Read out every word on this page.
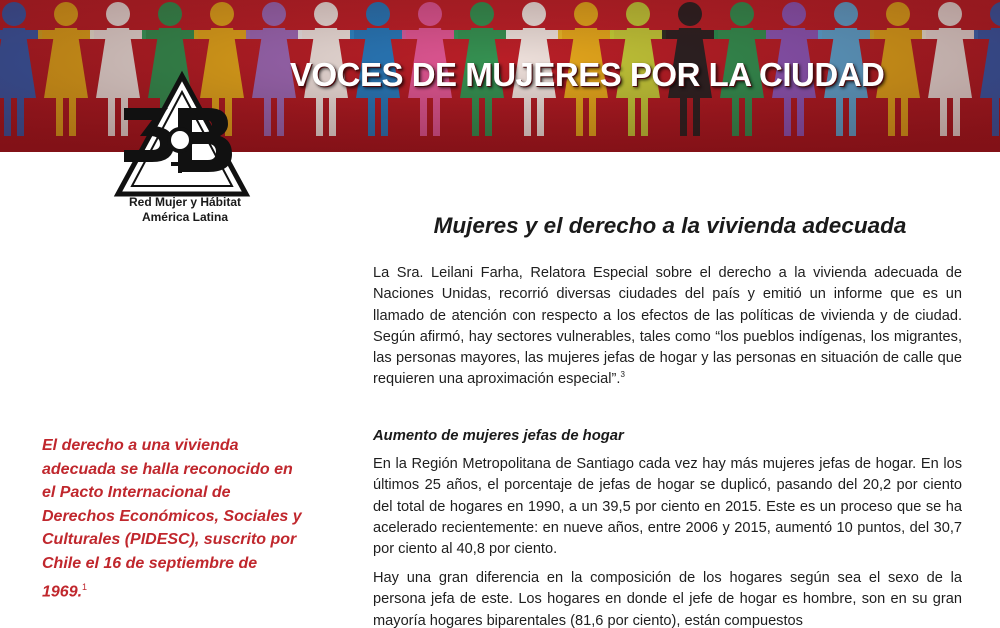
VOCES DE MUJERES POR LA CIUDAD
Red Mujer y Hábitat
América Latina
El derecho a una vivienda adecuada se halla reconocido en el Pacto Internacional de Derechos Económicos, Sociales y Culturales (PIDESC), suscrito por Chile el 16 de septiembre de 1969.$^1$
Mujeres y el derecho a la vivienda adecuada
La Sra. Leilani Farha, Relatora Especial sobre el derecho a la vivienda adecuada de Naciones Unidas, recorrió diversas ciudades del país y emitió un informe que es un llamado de atención con respecto a los efectos de las políticas de vivienda y de ciudad. Según afirmó, hay sectores vulnerables, tales como “los pueblos indígenas, los migrantes, las personas mayores, las mujeres jefas de hogar y las personas en situación de calle que requieren una aproximación especial”.$^3$
Aumento de mujeres jefas de hogar
En la Región Metropolitana de Santiago cada vez hay más mujeres jefas de hogar. En los últimos 25 años, el porcentaje de jefas de hogar se duplicó, pasando del 20,2 por ciento del total de hogares en 1990, a un 39,5 por ciento en 2015. Este es un proceso que se ha acelerado recientemente: en nueve años, entre 2006 y 2015, aumentó 10 puntos, del 30,7 por ciento al 40,8 por ciento.
Hay una gran diferencia en la composición de los hogares según sea el sexo de la persona jefa de este. Los hogares en donde el jefe de hogar es hombre, son en su gran mayoría hogares biparentales (81,6 por ciento), están compuestos
